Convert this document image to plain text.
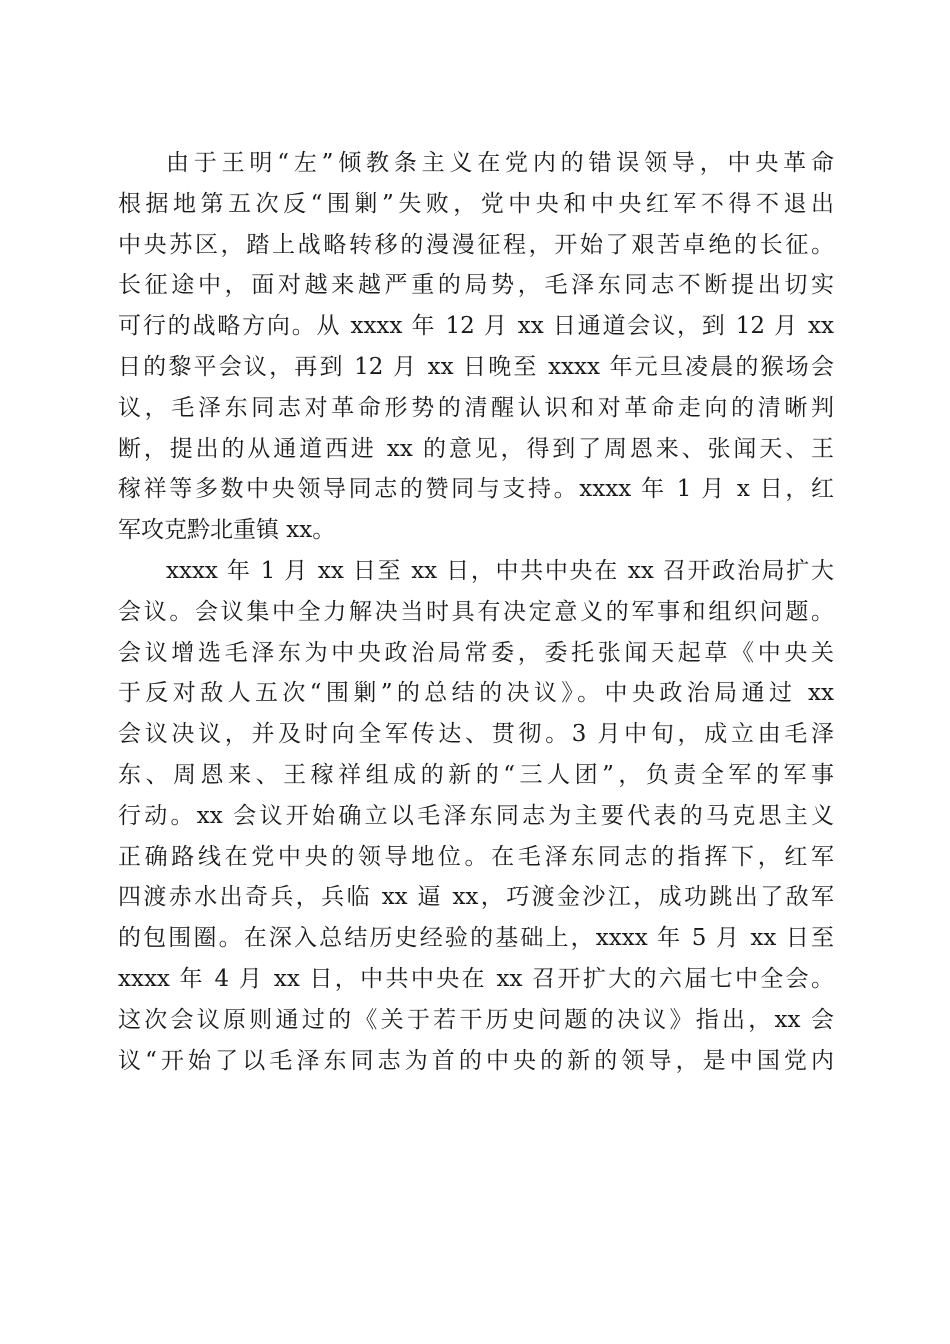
由于王明“左”倾教条主义在党内的错误领导，中央革命
根据地第五次反“围剿”失败，党中央和中央红军不得不退出
中央苏区，踏上战略转移的漫漫征程，开始了艰苦卓绝的长征。
长征途中，面对越来越严重的局势，毛泽东同志不断提出切实
可行的战略方向。从 xxxx 年 12 月 xx 日通道会议，到 12 月 xx
日的黎平会议，再到 12 月 xx 日晚至 xxxx 年元旦凌晨的猴场会
议，毛泽东同志对革命形势的清醒认识和对革命走向的清晰判
断，提出的从通道西进 xx 的意见，得到了周恩来、张闻天、王
稼祥等多数中央领导同志的赞同与支持。xxxx 年 1 月 x 日，红
军攻克黔北重镇 xx。
xxxx 年 1 月 xx 日至 xx 日，中共中央在 xx 召开政治局扩大
会议。会议集中全力解决当时具有决定意义的军事和组织问题。
会议增选毛泽东为中央政治局常委，委托张闻天起草《中央关
于反对敌人五次“围剿”的总结的决议》。中央政治局通过 xx
会议决议，并及时向全军传达、贯彻。3 月中旬，成立由毛泽
东、周恩来、王稼祥组成的新的“三人团”，负责全军的军事
行动。xx 会议开始确立以毛泽东同志为主要代表的马克思主义
正确路线在党中央的领导地位。在毛泽东同志的指挥下，红军
四渡赤水出奇兵，兵临 xx 逼 xx，巧渡金沙江，成功跳出了敌军
的包围圈。在深入总结历史经验的基础上，xxxx 年 5 月 xx 日至
xxxx 年 4 月 xx 日，中共中央在 xx 召开扩大的六届七中全会。
这次会议原则通过的《关于若干历史问题的决议》指出，xx 会
议“开始了以毛泽东同志为首的中央的新的领导，是中国党内
